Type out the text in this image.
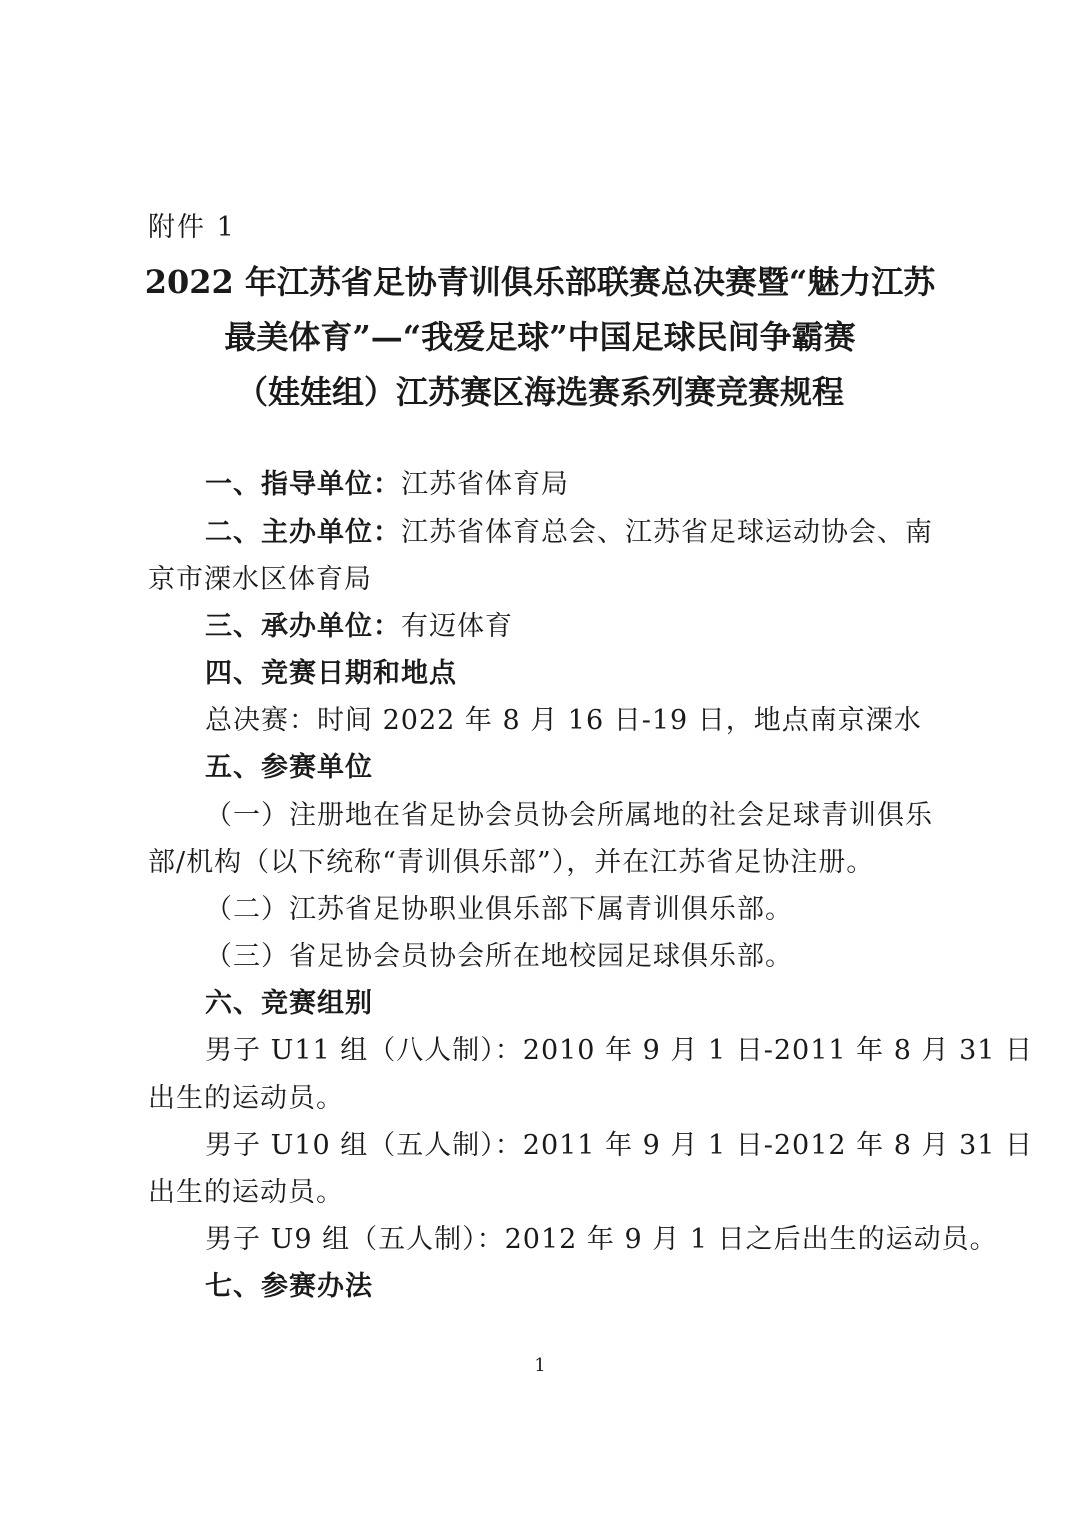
附件 1
2022 年江苏省足协青训俱乐部联赛总决赛暨“魅力江苏
最美体育”—“我爱足球”中国足球民间争霸赛
（娃娃组）江苏赛区海选赛系列赛竞赛规程
一、指导单位：江苏省体育局
二、主办单位：江苏省体育总会、江苏省足球运动协会、南
京市溧水区体育局
三、承办单位：有迈体育
四、竞赛日期和地点
总决赛：时间 2022 年 8 月 16 日-19 日，地点南京溧水
五、参赛单位
（一）注册地在省足协会员协会所属地的社会足球青训俱乐
部/机构（以下统称“青训俱乐部”），并在江苏省足协注册。
（二）江苏省足协职业俱乐部下属青训俱乐部。
（三）省足协会员协会所在地校园足球俱乐部。
六、竞赛组别
男子 U11 组（八人制）：2010 年 9 月 1 日-2011 年 8 月 31 日
出生的运动员。
男子 U10 组（五人制）：2011 年 9 月 1 日-2012 年 8 月 31 日
出生的运动员。
男子 U9 组（五人制）：2012 年 9 月 1 日之后出生的运动员。
七、参赛办法
1
